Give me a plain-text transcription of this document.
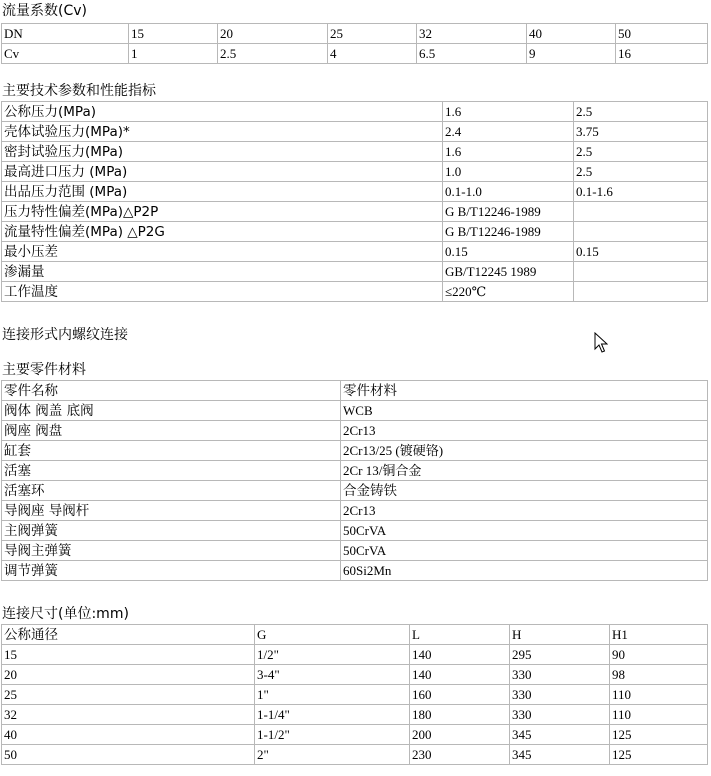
流量系数(Cv)
DN	15	20	25	32	40	50
Cv	1	2.5	4	6.5	9	16
主要技术参数和性能指标
公称压力(MPa)	1.6	2.5
壳体试验压力(MPa)*	2.4	3.75
密封试验压力(MPa)	1.6	2.5
最高进口压力 (MPa)	1.0	2.5
出品压力范围 (MPa)	0.1-1.0	0.1-1.6
压力特性偏差(MPa)△P2P	G B/T12246-1989	
流量特性偏差(MPa) △P2G	G B/T12246-1989	
最小压差	0.15	0.15
渗漏量	GB/T12245 1989	
工作温度	≤220℃	
连接形式内螺纹连接
主要零件材料
零件名称	零件材料
阀体 阀盖 底阀	WCB
阀座 阀盘	2Cr13
缸套	2Cr13/25 (镀硬铬)
活塞	2Cr 13/铜合金
活塞环	合金铸铁
导阀座 导阀杆	2Cr13
主阀弹簧	50CrVA
导阀主弹簧	50CrVA
调节弹簧	60Si2Mn
连接尺寸(单位:mm)
公称通径	G	L	H	H1
15	1/2"	140	295	90
20	3-4"	140	330	98
25	1"	160	330	110
32	1-1/4"	180	330	110
40	1-1/2"	200	345	125
50	2"	230	345	125
